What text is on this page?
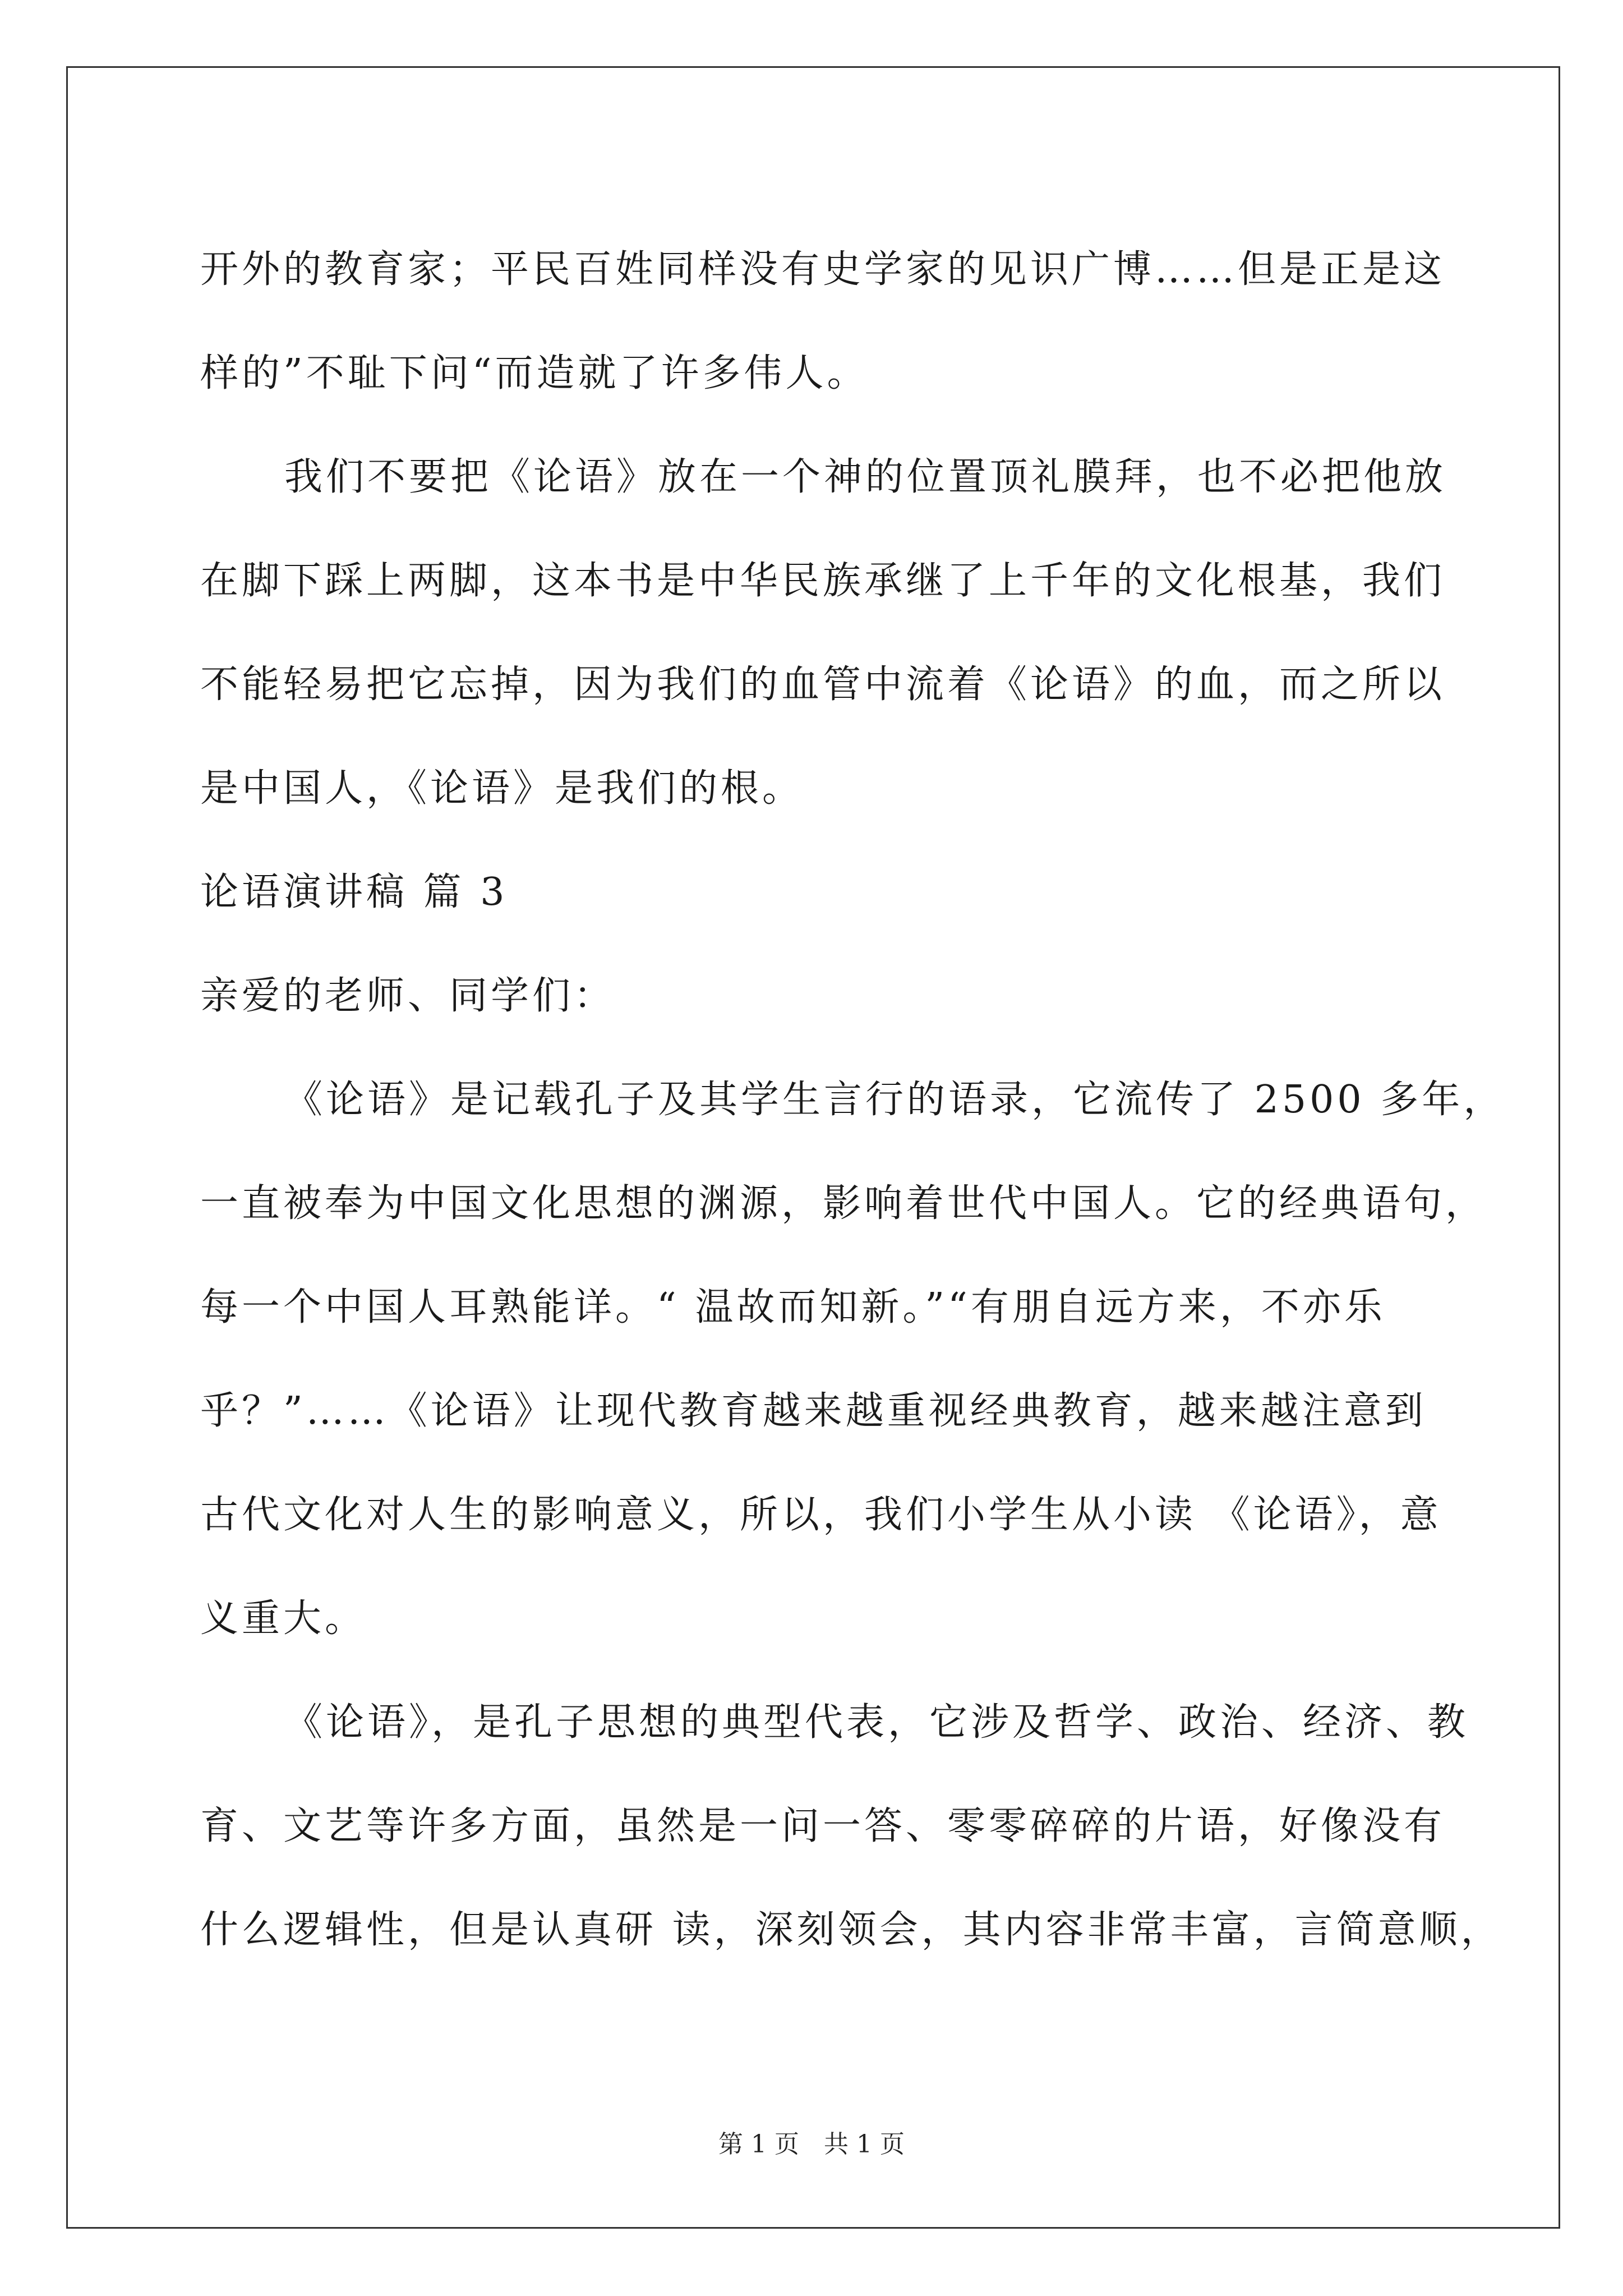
开外的教育家；平民百姓同样没有史学家的见识广博……但是正是这
样的”不耻下问“而造就了许多伟人。
我们不要把《论语》放在一个神的位置顶礼膜拜，也不必把他放
在脚下踩上两脚，这本书是中华民族承继了上千年的文化根基，我们
不能轻易把它忘掉，因为我们的血管中流着《论语》的血，而之所以
是中国人，《论语》是我们的根。
论语演讲稿 篇 3
亲爱的老师、同学们：
《论语》是记载孔子及其学生言行的语录，它流传了 2500 多年，
一直被奉为中国文化思想的渊源，影响着世代中国人。它的经典语句，
每一个中国人耳熟能详。“ 温故而知新。”“有朋自远方来，不亦乐
乎？”……《论语》让现代教育越来越重视经典教育，越来越注意到
古代文化对人生的影响意义，所以，我们小学生从小读 《论语》，意
义重大。
《论语》，是孔子思想的典型代表，它涉及哲学、政治、经济、教
育、文艺等许多方面，虽然是一问一答、零零碎碎的片语，好像没有
什么逻辑性，但是认真研 读，深刻领会，其内容非常丰富，言简意顺，
第 1 页　共 1 页
